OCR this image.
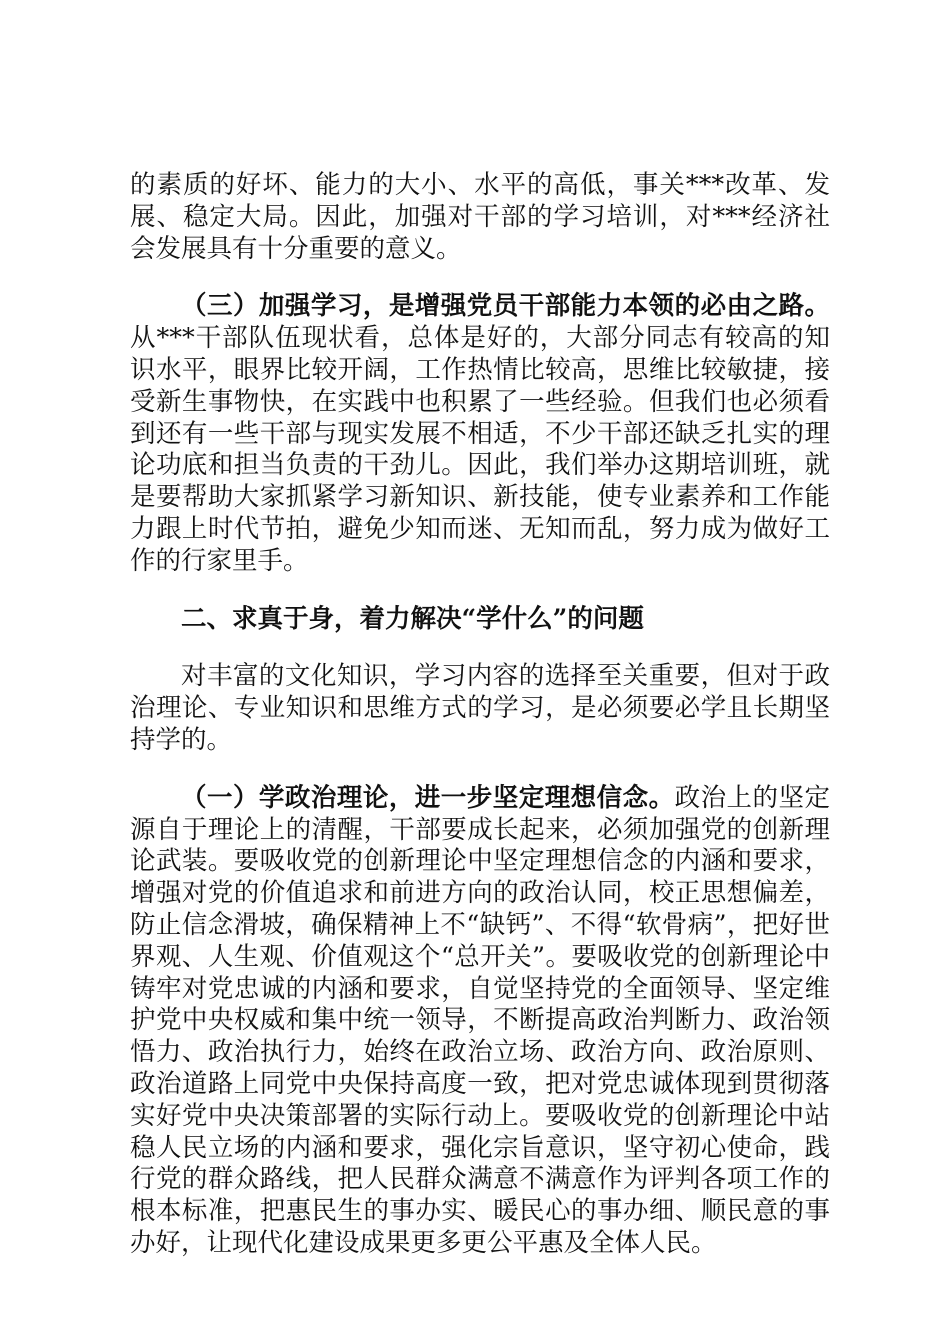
的素质的好坏、能力的大小、水平的高低，事关***改革、发展、稳定大局。因此，加强对干部的学习培训，对***经济社会发展具有十分重要的意义。

（三）加强学习，是增强党员干部能力本领的必由之路。从***干部队伍现状看，总体是好的，大部分同志有较高的知识水平，眼界比较开阔，工作热情比较高，思维比较敏捷，接受新生事物快，在实践中也积累了一些经验。但我们也必须看到还有一些干部与现实发展不相适，不少干部还缺乏扎实的理论功底和担当负责的干劲儿。因此，我们举办这期培训班，就是要帮助大家抓紧学习新知识、新技能，使专业素养和工作能力跟上时代节拍，避免少知而迷、无知而乱，努力成为做好工作的行家里手。

二、求真于身，着力解决“学什么”的问题

对丰富的文化知识，学习内容的选择至关重要，但对于政治理论、专业知识和思维方式的学习，是必须要必学且长期坚持学的。

（一）学政治理论，进一步坚定理想信念。政治上的坚定源自于理论上的清醒，干部要成长起来，必须加强党的创新理论武装。要吸收党的创新理论中坚定理想信念的内涵和要求，增强对党的价值追求和前进方向的政治认同，校正思想偏差，防止信念滑坡，确保精神上不“缺钙”、不得“软骨病”，把好世界观、人生观、价值观这个“总开关”。要吸收党的创新理论中铸牢对党忠诚的内涵和要求，自觉坚持党的全面领导、坚定维护党中央权威和集中统一领导，不断提高政治判断力、政治领悟力、政治执行力，始终在政治立场、政治方向、政治原则、政治道路上同党中央保持高度一致，把对党忠诚体现到贯彻落实好党中央决策部署的实际行动上。要吸收党的创新理论中站稳人民立场的内涵和要求，强化宗旨意识，坚守初心使命，践行党的群众路线，把人民群众满意不满意作为评判各项工作的根本标准，把惠民生的事办实、暖民心的事办细、顺民意的事办好，让现代化建设成果更多更公平惠及全体人民。
